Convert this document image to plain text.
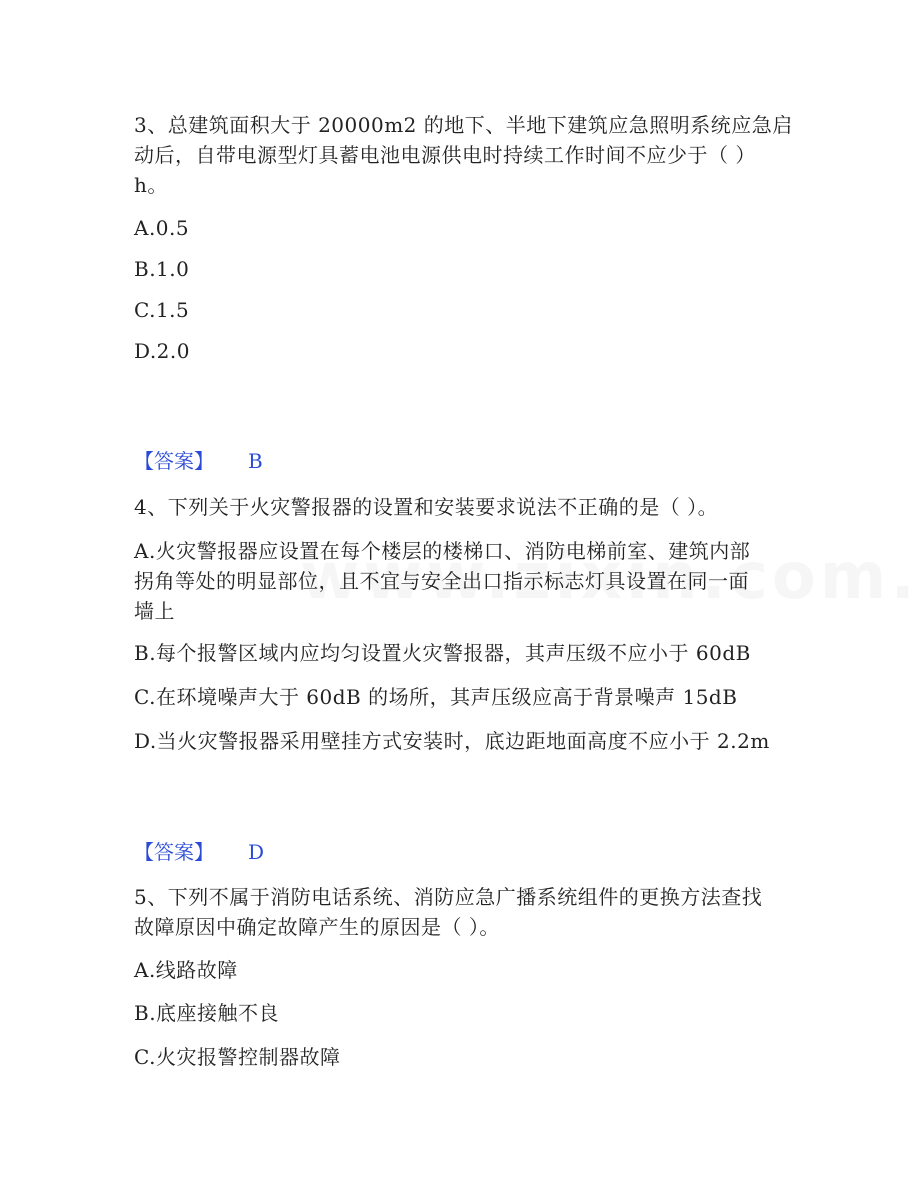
3、总建筑面积大于 20000m2 的地下、半地下建筑应急照明系统应急启
动后，自带电源型灯具蓄电池电源供电时持续工作时间不应少于（ ）
h。
A.0.5
B.1.0
C.1.5
D.2.0
【答案】 B
4、下列关于火灾警报器的设置和安装要求说法不正确的是（ ）。
A.火灾警报器应设置在每个楼层的楼梯口、消防电梯前室、建筑内部
拐角等处的明显部位，且不宜与安全出口指示标志灯具设置在同一面
墙上
B.每个报警区域内应均匀设置火灾警报器，其声压级不应小于 60dB
C.在环境噪声大于 60dB 的场所，其声压级应高于背景噪声 15dB
D.当火灾警报器采用壁挂方式安装时，底边距地面高度不应小于 2.2m
【答案】 D
5、下列不属于消防电话系统、消防应急广播系统组件的更换方法查找
故障原因中确定故障产生的原因是（ ）。
A.线路故障
B.底座接触不良
C.火灾报警控制器故障
